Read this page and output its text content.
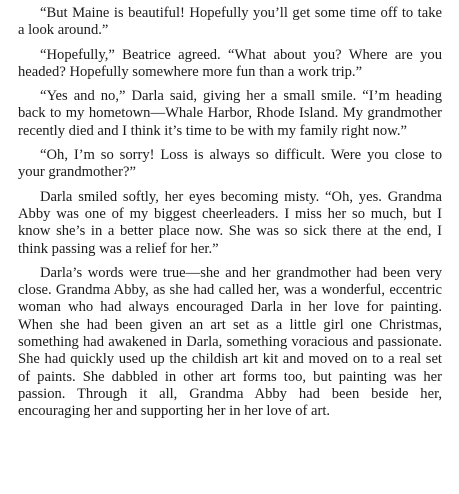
“But Maine is beautiful! Hopefully you’ll get some time off to take a look around.”

“Hopefully,” Beatrice agreed. “What about you? Where are you headed? Hopefully somewhere more fun than a work trip.”

“Yes and no,” Darla said, giving her a small smile. “I’m heading back to my hometown—Whale Harbor, Rhode Island. My grandmother recently died and I think it’s time to be with my family right now.”

“Oh, I’m so sorry! Loss is always so difficult. Were you close to your grandmother?”

Darla smiled softly, her eyes becoming misty. “Oh, yes. Grandma Abby was one of my biggest cheerleaders. I miss her so much, but I know she’s in a better place now. She was so sick there at the end, I think passing was a relief for her.”

Darla’s words were true—she and her grandmother had been very close. Grandma Abby, as she had called her, was a wonderful, eccentric woman who had always encouraged Darla in her love for painting. When she had been given an art set as a little girl one Christmas, something had awakened in Darla, something voracious and passionate. She had quickly used up the childish art kit and moved on to a real set of paints. She dabbled in other art forms too, but painting was her passion. Through it all, Grandma Abby had been beside her, encouraging her and supporting her in her love of art.
